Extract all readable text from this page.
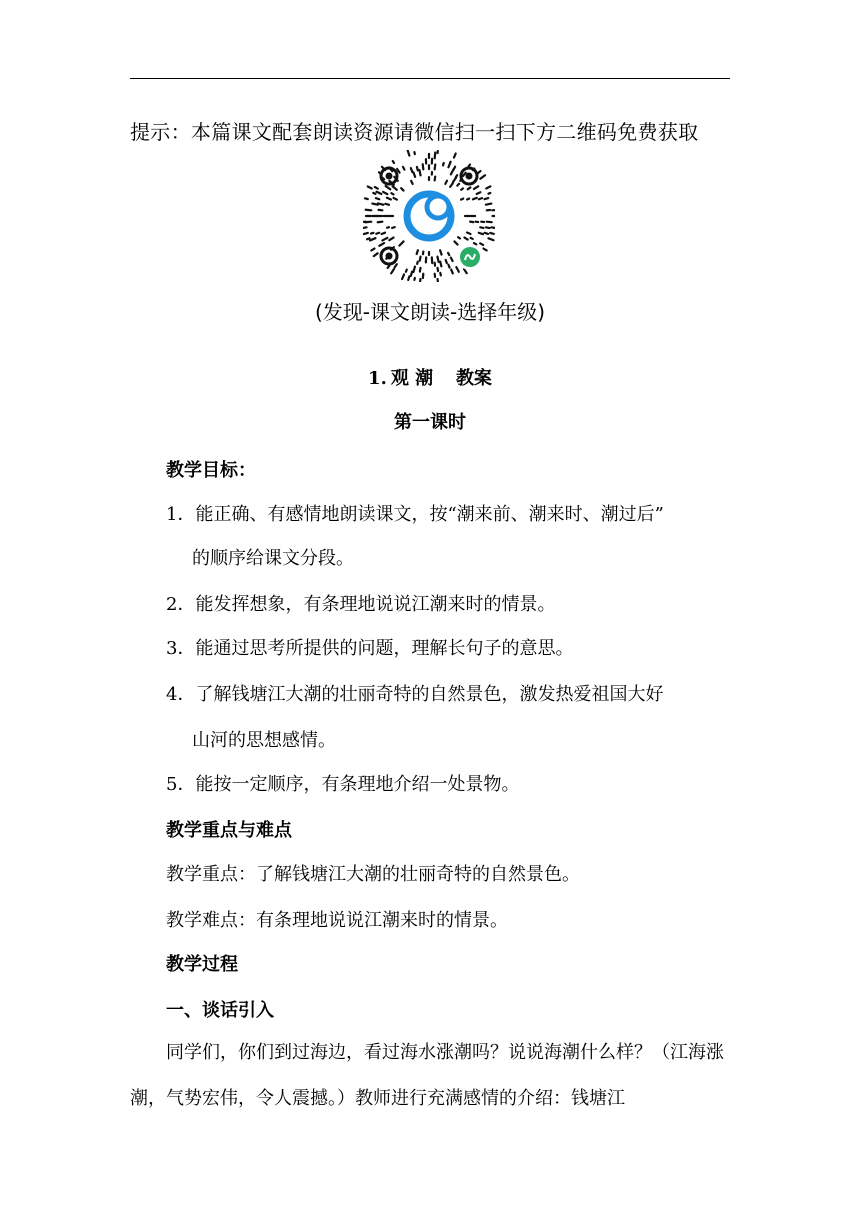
提示：本篇课文配套朗读资源请微信扫一扫下方二维码免费获取
(发现-课文朗读-选择年级)
1. 观 潮 教案
第一课时
教学目标：
1．能正确、有感情地朗读课文，按“潮来前、潮来时、潮过后”
的顺序给课文分段。
2．能发挥想象，有条理地说说江潮来时的情景。
3．能通过思考所提供的问题，理解长句子的意思。
4．了解钱塘江大潮的壮丽奇特的自然景色，激发热爱祖国大好
山河的思想感情。
5．能按一定顺序，有条理地介绍一处景物。
教学重点与难点
教学重点：了解钱塘江大潮的壮丽奇特的自然景色。
教学难点：有条理地说说江潮来时的情景。
教学过程
一、谈话引入
同学们，你们到过海边，看过海水涨潮吗？说说海潮什么样？（江海涨潮，气势宏伟，令人震撼。）教师进行充满感情的介绍：钱塘江
